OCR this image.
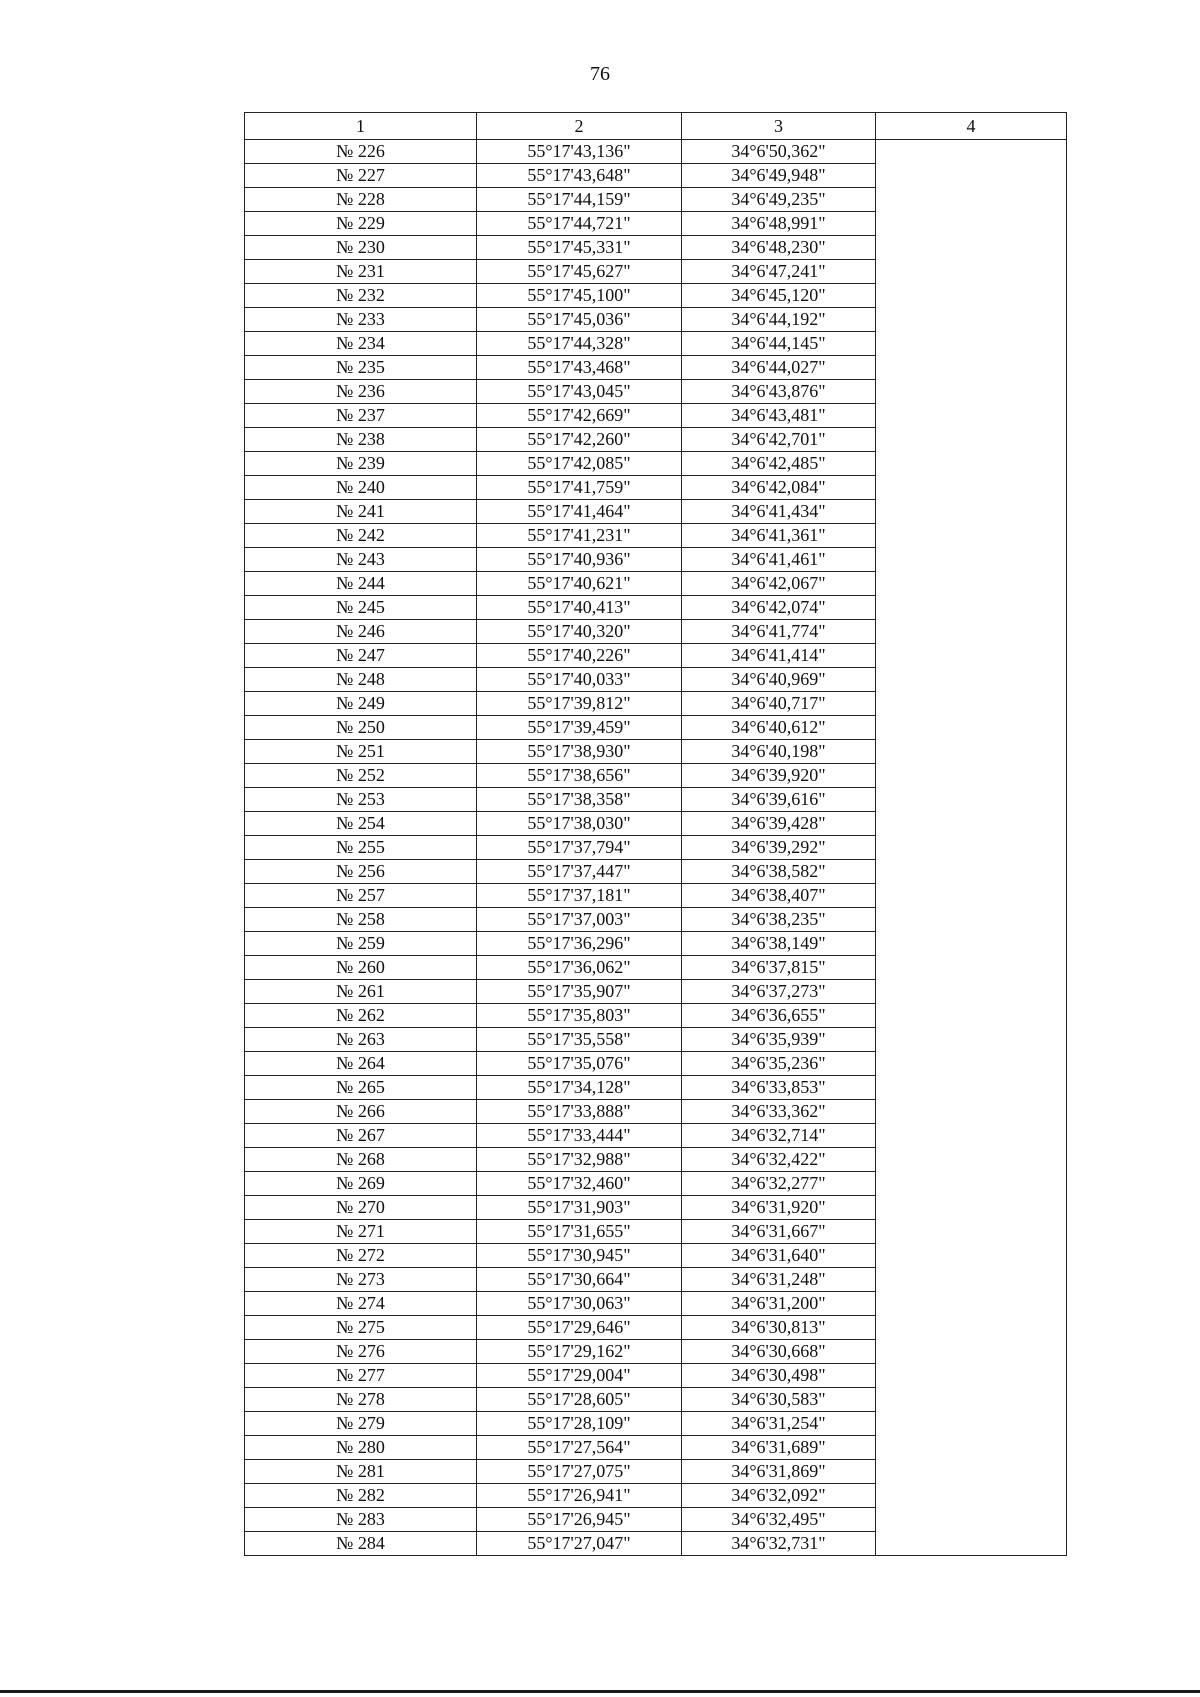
76
1	2	3	4
№ 226	55°17'43,136"	34°6'50,362"	
№ 227	55°17'43,648"	34°6'49,948"	
№ 228	55°17'44,159"	34°6'49,235"	
№ 229	55°17'44,721"	34°6'48,991"	
№ 230	55°17'45,331"	34°6'48,230"	
№ 231	55°17'45,627"	34°6'47,241"	
№ 232	55°17'45,100"	34°6'45,120"	
№ 233	55°17'45,036"	34°6'44,192"	
№ 234	55°17'44,328"	34°6'44,145"	
№ 235	55°17'43,468"	34°6'44,027"	
№ 236	55°17'43,045"	34°6'43,876"	
№ 237	55°17'42,669"	34°6'43,481"	
№ 238	55°17'42,260"	34°6'42,701"	
№ 239	55°17'42,085"	34°6'42,485"	
№ 240	55°17'41,759"	34°6'42,084"	
№ 241	55°17'41,464"	34°6'41,434"	
№ 242	55°17'41,231"	34°6'41,361"	
№ 243	55°17'40,936"	34°6'41,461"	
№ 244	55°17'40,621"	34°6'42,067"	
№ 245	55°17'40,413"	34°6'42,074"	
№ 246	55°17'40,320"	34°6'41,774"	
№ 247	55°17'40,226"	34°6'41,414"	
№ 248	55°17'40,033"	34°6'40,969"	
№ 249	55°17'39,812"	34°6'40,717"	
№ 250	55°17'39,459"	34°6'40,612"	
№ 251	55°17'38,930"	34°6'40,198"	
№ 252	55°17'38,656"	34°6'39,920"	
№ 253	55°17'38,358"	34°6'39,616"	
№ 254	55°17'38,030"	34°6'39,428"	
№ 255	55°17'37,794"	34°6'39,292"	
№ 256	55°17'37,447"	34°6'38,582"	
№ 257	55°17'37,181"	34°6'38,407"	
№ 258	55°17'37,003"	34°6'38,235"	
№ 259	55°17'36,296"	34°6'38,149"	
№ 260	55°17'36,062"	34°6'37,815"	
№ 261	55°17'35,907"	34°6'37,273"	
№ 262	55°17'35,803"	34°6'36,655"	
№ 263	55°17'35,558"	34°6'35,939"	
№ 264	55°17'35,076"	34°6'35,236"	
№ 265	55°17'34,128"	34°6'33,853"	
№ 266	55°17'33,888"	34°6'33,362"	
№ 267	55°17'33,444"	34°6'32,714"	
№ 268	55°17'32,988"	34°6'32,422"	
№ 269	55°17'32,460"	34°6'32,277"	
№ 270	55°17'31,903"	34°6'31,920"	
№ 271	55°17'31,655"	34°6'31,667"	
№ 272	55°17'30,945"	34°6'31,640"	
№ 273	55°17'30,664"	34°6'31,248"	
№ 274	55°17'30,063"	34°6'31,200"	
№ 275	55°17'29,646"	34°6'30,813"	
№ 276	55°17'29,162"	34°6'30,668"	
№ 277	55°17'29,004"	34°6'30,498"	
№ 278	55°17'28,605"	34°6'30,583"	
№ 279	55°17'28,109"	34°6'31,254"	
№ 280	55°17'27,564"	34°6'31,689"	
№ 281	55°17'27,075"	34°6'31,869"	
№ 282	55°17'26,941"	34°6'32,092"	
№ 283	55°17'26,945"	34°6'32,495"	
№ 284	55°17'27,047"	34°6'32,731"	
